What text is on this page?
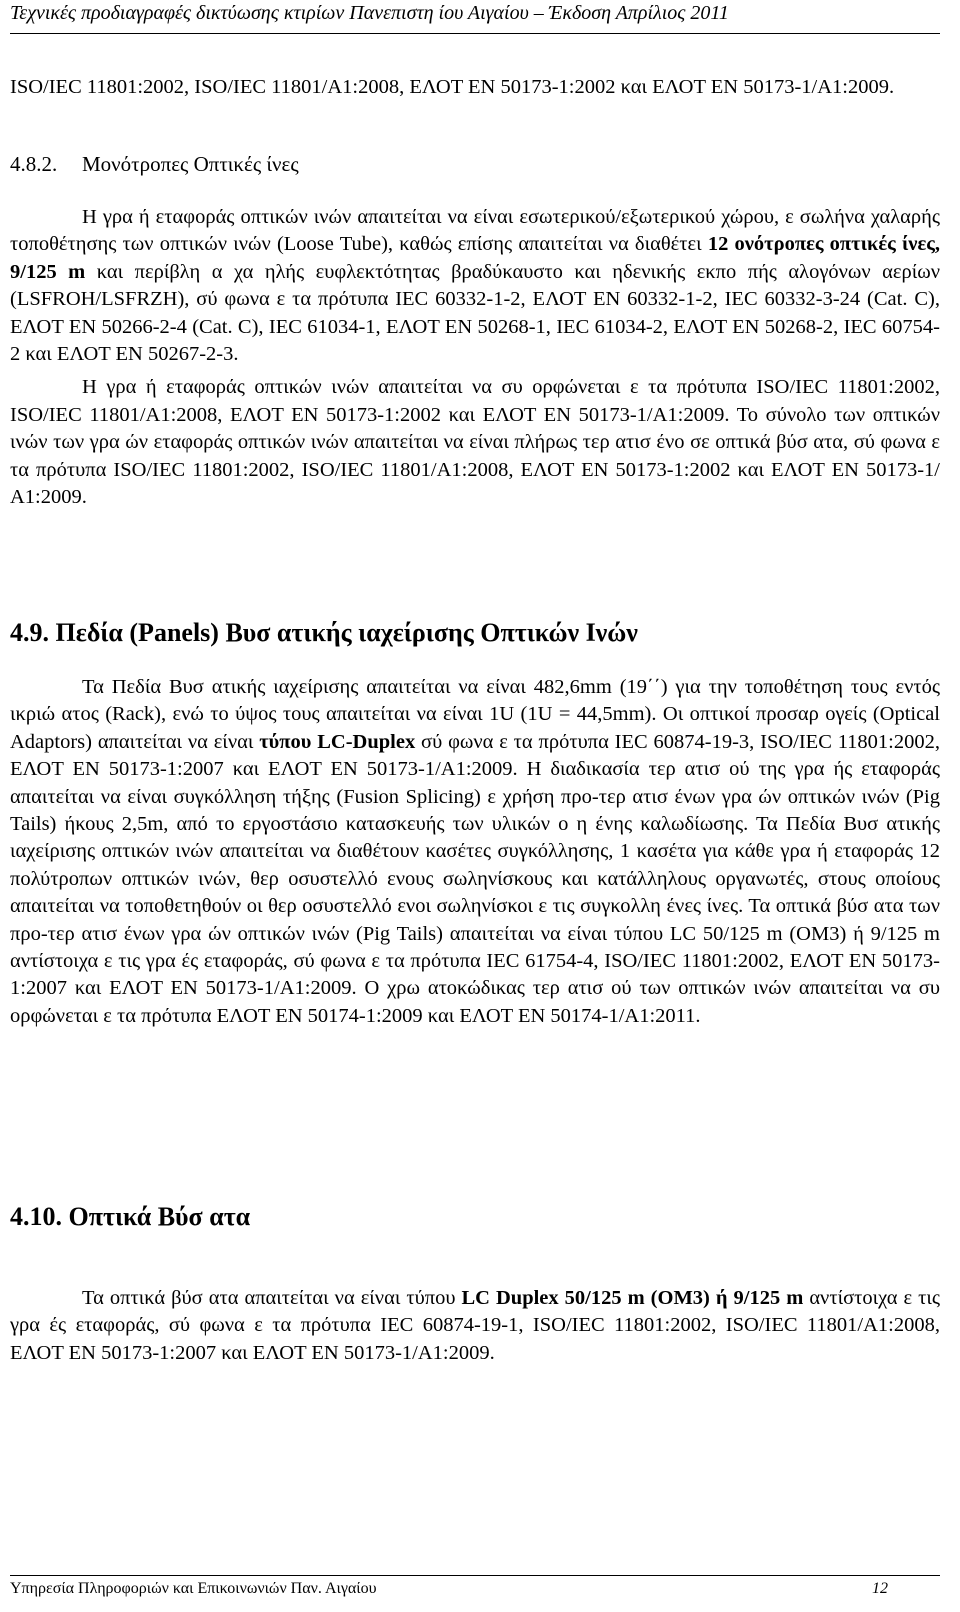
Τεχνικές προδιαγραφές δικτύωσης κτιρίων Πανεπιστη ίου Αιγαίου – Έκδοση Απρίλιος 2011

ISO/IEC 11801:2002, ISO/IEC 11801/A1:2008, ΕΛΟΤ EN 50173-1:2002 και ΕΛΟΤ ΕΝ 50173-1/Α1:2009.

4.8.2. Μονότροπες Οπτικές ίνες

Η γρα ή εταφοράς οπτικών ινών απαιτείται να είναι εσωτερικού/εξωτερικού χώρου, ε σωλήνα χαλαρής τοποθέτησης των οπτικών ινών (Loose Tube), καθώς επίσης απαιτείται να διαθέτει 12 ονότροπες οπτικές ίνες, 9/125 m και περίβλη α χα ηλής ευφλεκτότητας βραδύκαυστο και ηδενικής εκπο πής αλογόνων αερίων (LSFROH/LSFRZH), σύ φωνα ε τα πρότυπα IEC 60332-1-2, ΕΛΟΤ ΕΝ 60332-1-2, IEC 60332-3-24 (Cat. C), ΕΛΟΤ ΕΝ 50266-2-4 (Cat. C), IEC 61034-1, ΕΛΟΤ ΕΝ 50268-1, IEC 61034-2, ΕΛΟΤ ΕΝ 50268-2, IEC 60754-2 και ΕΛΟΤ ΕΝ 50267-2-3.

Η γρα ή εταφοράς οπτικών ινών απαιτείται να συ ορφώνεται ε τα πρότυπα ISO/IEC 11801:2002, ISO/IEC 11801/A1:2008, ΕΛΟΤ EN 50173-1:2002 και ΕΛΟΤ ΕΝ 50173-1/Α1:2009. Το σύνολο των οπτικών ινών των γρα ών εταφοράς οπτικών ινών απαιτείται να είναι πλήρως τερ ατισ ένο σε οπτικά βύσ ατα, σύ φωνα ε τα πρότυπα ISO/IEC 11801:2002, ISO/IEC 11801/A1:2008, ΕΛΟΤ EN 50173-1:2002 και ΕΛΟΤ ΕΝ 50173-1/Α1:2009.

4.9. Πεδία (Panels) Βυσ ατικής ιαχείρισης Οπτικών Ινών

Τα Πεδία Βυσ ατικής ιαχείρισης απαιτείται να είναι 482,6mm (19΄΄) για την τοποθέτηση τους εντός ικριώ ατος (Rack), ενώ το ύψος τους απαιτείται να είναι 1U (1U = 44,5mm). Οι οπτικοί προσαρ ογείς (Optical Adaptors) απαιτείται να είναι τύπου LC-Duplex σύ φωνα ε τα πρότυπα IEC 60874-19-3, ISO/IEC 11801:2002, ΕΛΟΤ EN 50173-1:2007 και ΕΛΟΤ ΕΝ 50173-1/Α1:2009. Η διαδικασία τερ ατισ ού της γρα ής εταφοράς απαιτείται να είναι συγκόλληση τήξης (Fusion Splicing) ε χρήση προ-τερ ατισ ένων γρα ών οπτικών ινών (Pig Tails) ήκους 2,5m, από το εργοστάσιο κατασκευής των υλικών ο η ένης καλωδίωσης. Τα Πεδία Βυσ ατικής ιαχείρισης οπτικών ινών απαιτείται να διαθέτουν κασέτες συγκόλλησης, 1 κασέτα για κάθε γρα ή εταφοράς 12 πολύτροπων οπτικών ινών, θερ οσυστελλό ενους σωληνίσκους και κατάλληλους οργανωτές, στους οποίους απαιτείται να τοποθετηθούν οι θερ οσυστελλό ενοι σωληνίσκοι ε τις συγκολλη ένες ίνες. Τα οπτικά βύσ ατα των προ-τερ ατισ ένων γρα ών οπτικών ινών (Pig Tails) απαιτείται να είναι τύπου LC 50/125 m (OM3) ή 9/125 m αντίστοιχα ε τις γρα ές εταφοράς, σύ φωνα ε τα πρότυπα IEC 61754-4, ISO/IEC 11801:2002, ΕΛΟΤ EN 50173-1:2007 και ΕΛΟΤ ΕΝ 50173-1/Α1:2009. Ο χρω ατοκώδικας τερ ατισ ού των οπτικών ινών απαιτείται να συ ορφώνεται ε τα πρότυπα ΕΛΟΤ ΕΝ 50174-1:2009 και ΕΛΟΤ ΕΝ 50174-1/Α1:2011.

4.10. Οπτικά Βύσ ατα

Τα οπτικά βύσ ατα απαιτείται να είναι τύπου LC Duplex 50/125 m (OM3) ή 9/125 m αντίστοιχα ε τις γρα ές εταφοράς, σύ φωνα ε τα πρότυπα IEC 60874-19-1, ISO/IEC 11801:2002, ISO/IEC 11801/A1:2008, ΕΛΟΤ EN 50173-1:2007 και ΕΛΟΤ ΕΝ 50173-1/Α1:2009.

Υπηρεσία Πληροφοριών και Επικοινωνιών Παν. Αιγαίου	12
